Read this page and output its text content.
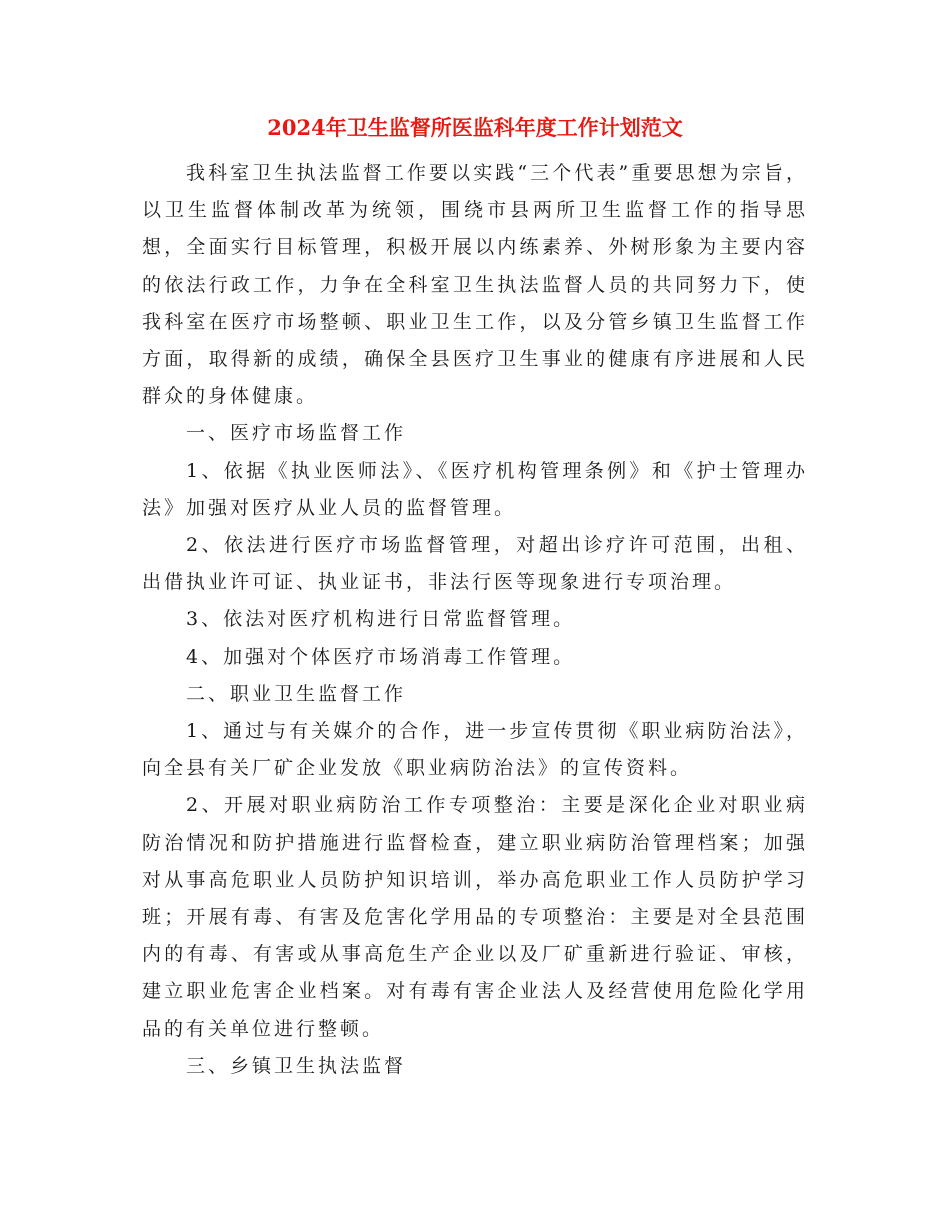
2024年卫生监督所医监科年度工作计划范文

我科室卫生执法监督工作要以实践“三个代表”重要思想为宗旨，以卫生监督体制改革为统领，围绕市县两所卫生监督工作的指导思想，全面实行目标管理，积极开展以内练素养、外树形象为主要内容的依法行政工作，力争在全科室卫生执法监督人员的共同努力下，使我科室在医疗市场整顿、职业卫生工作，以及分管乡镇卫生监督工作方面，取得新的成绩，确保全县医疗卫生事业的健康有序进展和人民群众的身体健康。

一、医疗市场监督工作

1、依据《执业医师法》、《医疗机构管理条例》和《护士管理办法》加强对医疗从业人员的监督管理。

2、依法进行医疗市场监督管理，对超出诊疗许可范围，出租、出借执业许可证、执业证书，非法行医等现象进行专项治理。

3、依法对医疗机构进行日常监督管理。

4、加强对个体医疗市场消毒工作管理。

二、职业卫生监督工作

1、通过与有关媒介的合作，进一步宣传贯彻《职业病防治法》，向全县有关厂矿企业发放《职业病防治法》的宣传资料。

2、开展对职业病防治工作专项整治：主要是深化企业对职业病防治情况和防护措施进行监督检查，建立职业病防治管理档案；加强对从事高危职业人员防护知识培训，举办高危职业工作人员防护学习班；开展有毒、有害及危害化学用品的专项整治：主要是对全县范围内的有毒、有害或从事高危生产企业以及厂矿重新进行验证、审核，建立职业危害企业档案。对有毒有害企业法人及经营使用危险化学用品的有关单位进行整顿。

三、乡镇卫生执法监督
